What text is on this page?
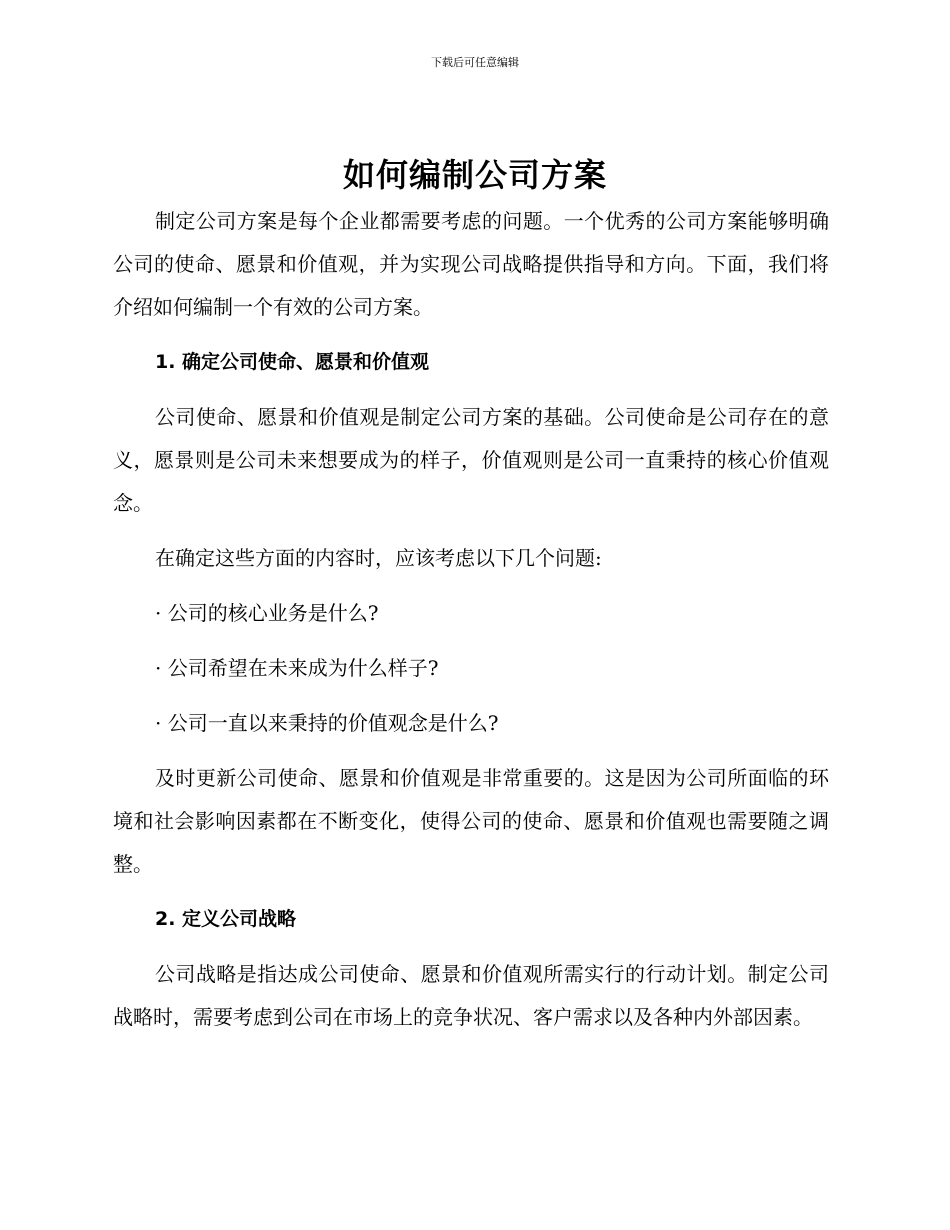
下载后可任意编辑
如何编制公司方案

制定公司方案是每个企业都需要考虑的问题。一个优秀的公司方案能够明确公司的使命、愿景和价值观，并为实现公司战略提供指导和方向。下面，我们将介绍如何编制一个有效的公司方案。

1. 确定公司使命、愿景和价值观

公司使命、愿景和价值观是制定公司方案的基础。公司使命是公司存在的意义，愿景则是公司未来想要成为的样子，价值观则是公司一直秉持的核心价值观念。

在确定这些方面的内容时，应该考虑以下几个问题:

· 公司的核心业务是什么?

· 公司希望在未来成为什么样子?

· 公司一直以来秉持的价值观念是什么?

及时更新公司使命、愿景和价值观是非常重要的。这是因为公司所面临的环境和社会影响因素都在不断变化，使得公司的使命、愿景和价值观也需要随之调整。

2. 定义公司战略

公司战略是指达成公司使命、愿景和价值观所需实行的行动计划。制定公司战略时，需要考虑到公司在市场上的竞争状况、客户需求以及各种内外部因素。
